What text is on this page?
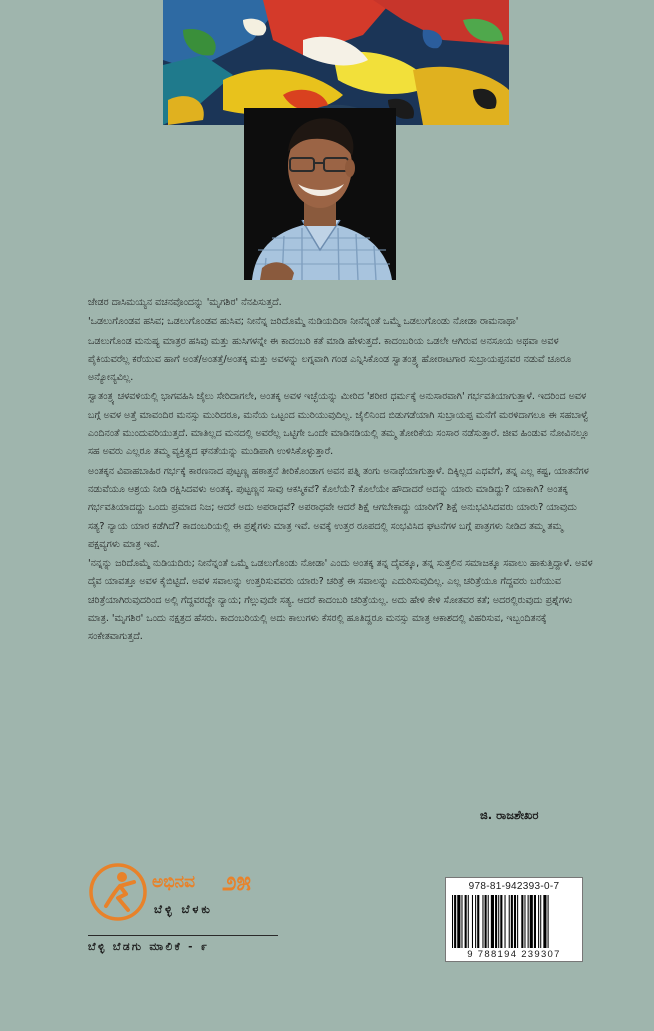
ಜೇಡರ ದಾಸಿಮಯ್ಯನ ವಚನವೊಂದನ್ನು 'ಮೃಗಶಿರ' ನೆನಪಿಸುತ್ತದೆ.

'ಒಡಲುಗೊಂಡವ ಹಸಿವ; ಒಡಲುಗೊಂಡವ ಹುಸಿವ; ನೀನೆನ್ನ ಜರಿದೊಮ್ಮೆ ನುಡಿಯದಿರಾ ನೀನೆನ್ನಂತೆ ಒಮ್ಮೆ ಒಡಲುಗೊಂಡು ನೋಡಾ ರಾಮನಾಥಾ'

ಒಡಲುಗೊಂಡ ಮನುಷ್ಯ ಮಾತ್ರರ ಹಸಿವು ಮತ್ತು ಹುಸಿಗಳನ್ನೇ ಈ ಕಾದಂಬರಿ ಕತೆ ಮಾಡಿ ಹೇಳುತ್ತದೆ. ಕಾದಂಬರಿಯ ಒಡಲೇ ಆಗಿರುವ ಅನಸೂಯ ಅಥವಾ ಅವಳ ಪೈಕಿಯವರೆಲ್ಲ ಕರೆಯುವ ಹಾಗೆ ಅಂತೆ/ಅಂತತ್ತೆ/ಅಂತಕ್ಕ ಮತ್ತು ಅವಳನ್ನು ಲಗ್ನವಾಗಿ ಗಂಡ ಎನ್ನಿಸಿಕೊಂಡ ಸ್ವಾತಂತ್ರ್ಯ ಹೋರಾಟಗಾರ ಸುಬ್ರಾಯಪ್ಪನವರ ನಡುವೆ ಚೂರೂ ಅನ್ಯೋನ್ಯವಿಲ್ಲ.

ಸ್ವಾತಂತ್ರ್ಯ ಚಳವಳಿಯಲ್ಲಿ ಭಾಗವಹಿಸಿ ಜೈಲು ಸೇರಿದಾಗಲೇ, ಅಂತಕ್ಕ ಅವಳ ಇಚ್ಛೆಯನ್ನು ಮೀರಿದ 'ಶರೀರ ಧರ್ಮಕ್ಕೆ ಅನುಸಾರವಾಗಿ' ಗರ್ಭವತಿಯಾಗುತ್ತಾಳೆ. ಇದರಿಂದ ಅವಳ ಬಗ್ಗೆ ಅವಳ ಅತ್ತೆ ಮಾವಂದಿರ ಮನಸ್ಸು ಮುರಿದರೂ, ಮನೆಯ ಒಟ್ಟಂದ ಮುರಿಯುವುದಿಲ್ಲ. ಜೈಲಿನಿಂದ ಬಿಡುಗಡೆಯಾಗಿ ಸುಬ್ರಾಯಪ್ಪ ಮನೆಗೆ ಮರಳಿದಾಗಲೂ ಈ ಸಹಬಾಳ್ವೆ ಎಂದಿನಂತೆ ಮುಂದುವರಿಯುತ್ತದೆ. ಮಾತಿಲ್ಲದ ಮನದಲ್ಲಿ ಅವರೆಲ್ಲ ಒಟ್ಟಿಗೇ ಒಂದೇ ಮಾಡಿನಡಿಯಲ್ಲಿ ತಮ್ಮ ತೋರಿಕೆಯ ಸಂಸಾರ ನಡೆಸುತ್ತಾರೆ. ಜೀವ ಹಿಂಡುವ ನೋವಿನಲ್ಲೂ ಸಹ ಅವರು ಎಲ್ಲರೂ ತಮ್ಮ ವ್ಯಕ್ತಿತ್ವದ ಘನತೆಯನ್ನು ಮುಡಿಪಾಗಿ ಉಳಿಸಿಕೊಳ್ಳುತ್ತಾರೆ.

ಅಂತಕ್ಕನ ವಿವಾಹಬಾಹಿರ ಗರ್ಭಕ್ಕೆ ಕಾರಣನಾದ ಪುಟ್ಟಣ್ಣ ಹಠಾತ್ತನೆ ತೀರಿಕೊಂಡಾಗ ಅವನ ಪತ್ನಿ ತಂಗು ಅನಾಥೆಯಾಗುತ್ತಾಳೆ. ದಿಕ್ಕಿಲ್ಲದ ಎಧವೆಗೆ, ತನ್ನ ಎಲ್ಲ ಕಷ್ಟ, ಯಾತನೆಗಳ ನಡುವೆಯೂ ಆಶ್ರಯ ನೀಡಿ ರಕ್ಷಿಸಿದವಳು ಅಂತಕ್ಕ. ಪುಟ್ಟಣ್ಣನ ಸಾವು ಆಕಸ್ಮಿಕವೆ? ಕೊಲೆಯೆ? ಕೊಲೆಯೇ ಹೌದಾದರೆ ಅದನ್ನು ಯಾರು ಮಾಡಿದ್ದು? ಯಾಕಾಗಿ? ಅಂತಕ್ಕ ಗರ್ಭವತಿಯಾದದ್ದು ಒಂದು ಪ್ರಮಾದ ನಿಜ; ಆದರೆ ಅದು ಅಪರಾಧವೆ? ಅಪರಾಧವೇ ಆದರೆ ಶಿಕ್ಷೆ ಆಗಬೇಕಾದ್ದು ಯಾರಿಗೆ? ಶಿಕ್ಷೆ ಅನುಭವಿಸಿದವರು ಯಾರು? ಯಾವುದು ಸತ್ಯ? ನ್ಯಾಯ ಯಾರ ಕಡೆಗಿದೆ? ಕಾದಂಬರಿಯಲ್ಲಿ ಈ ಪ್ರಶ್ನೆಗಳು ಮಾತ್ರ ಇವೆ. ಅವಕ್ಕೆ ಉತ್ತರ ರೂಪದಲ್ಲಿ ಸಂಭವಿಸಿದ ಘಟನೆಗಳ ಬಗ್ಗೆ ಪಾತ್ರಗಳು ನೀಡಿದ ತಮ್ಮ ತಮ್ಮ ಪಕ್ಷವ್ಯಗಳು ಮಾತ್ರ ಇವೆ.

'ನನ್ನನ್ನು ಜರಿದೊಮ್ಮೆ ನುಡಿಯದಿರು; ನೀನೆನ್ನಂತೆ ಒಮ್ಮೆ ಒಡಲುಗೊಂಡು ನೋಡಾ' ಎಂದು ಅಂತಕ್ಕ ತನ್ನ ದೈವಕ್ಕೂ, ತನ್ನ ಸುತ್ತಲಿನ ಸಮಾಜಕ್ಕೂ ಸವಾಲು ಹಾಕುತ್ತಿದ್ದಾಳೆ. ಅವಳ ದೈವ ಯಾವತ್ತೂ ಅವಳ ಕೈಬಿಟ್ಟಿದೆ. ಅವಳ ಸವಾಲನ್ನು ಉತ್ತರಿಸುವವರು ಯಾರು? ಚರಿತ್ರೆ ಈ ಸವಾಲನ್ನು ಎದುರಿಸುವುದಿಲ್ಲ. ಎಲ್ಲ ಚರಿತ್ರೆಯೂ ಗೆದ್ದವರು ಬರೆಯುವ ಚರಿತ್ರೆಯಾಗಿರುವುದರಿಂದ ಅಲ್ಲಿ ಗೆದ್ದವರದ್ದೇ ನ್ಯಾಯ; ಗೆಲ್ಲುವುದೇ ಸತ್ಯ. ಆದರೆ ಕಾದಂಬರಿ ಚರಿತ್ರೆಯಲ್ಲ. ಅದು ಹೇಳಿ ಕೇಳಿ ಸೋತವರ ಕತೆ; ಅದರಲ್ಲಿರುವುದು ಪ್ರಶ್ನೆಗಳು ಮಾತ್ರ. 'ಮೃಗಶಿರ' ಒಂದು ನಕ್ಷತ್ರದ ಹೆಸರು. ಕಾದಂಬರಿಯಲ್ಲಿ ಅದು ಕಾಲುಗಳು ಕೆಸರಲ್ಲಿ ಹೂತಿದ್ದರೂ ಮನಸ್ಸು ಮಾತ್ರ ಆಕಾಶದಲ್ಲಿ ವಿಹರಿಸುವ, ಇಬ್ಬಂದಿತನಕ್ಕೆ ಸಂಕೇತವಾಗುತ್ತದೆ.

ಜಿ. ರಾಜಶೇಖರ
ಅಭಿನವ ೨೫
ಬೆಳ್ಳಿ ಬೆಳಕು
ಬೆಳ್ಳಿ ಬೆಡಗು ಮಾಲಿಕೆ - ೯
978-81-942393-0-7
9 788194 239307
